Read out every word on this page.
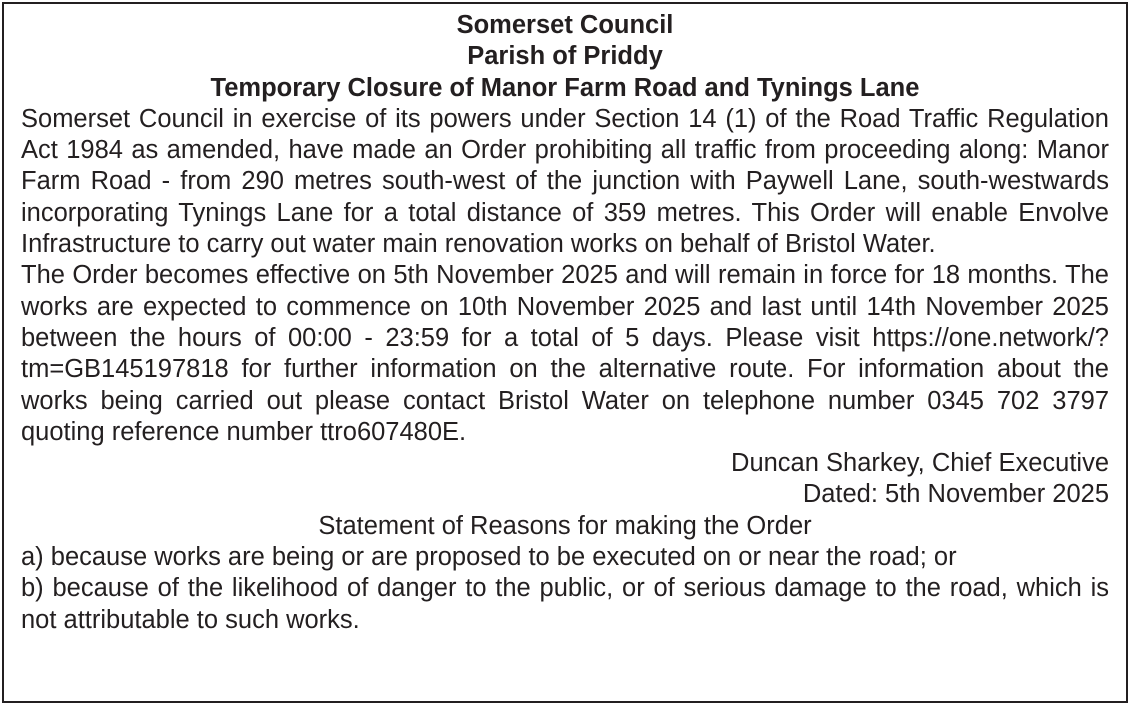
Somerset Council

Parish of Priddy

Temporary Closure of Manor Farm Road and Tynings Lane

Somerset Council in exercise of its powers under Section 14 (1) of the Road Traffic Regulation Act 1984 as amended, have made an Order prohibiting all traffic from proceeding along: Manor Farm Road - from 290 metres south-west of the junction with Paywell Lane, south-westwards incorporating Tynings Lane for a total distance of 359 metres. This Order will enable Envolve Infrastructure to carry out water main renovation works on behalf of Bristol Water.

The Order becomes effective on 5th November 2025 and will remain in force for 18 months. The works are expected to commence on 10th November 2025 and last until 14th November 2025 between the hours of 00:00 - 23:59 for a total of 5 days. Please visit https://one.network/?tm=GB145197818 for further information on the alternative route. For information about the works being carried out please contact Bristol Water on telephone number 0345 702 3797 quoting reference number ttro607480E.

Duncan Sharkey, Chief Executive

Dated: 5th November 2025

Statement of Reasons for making the Order

a) because works are being or are proposed to be executed on or near the road; or

b) because of the likelihood of danger to the public, or of serious damage to the road, which is not attributable to such works.
